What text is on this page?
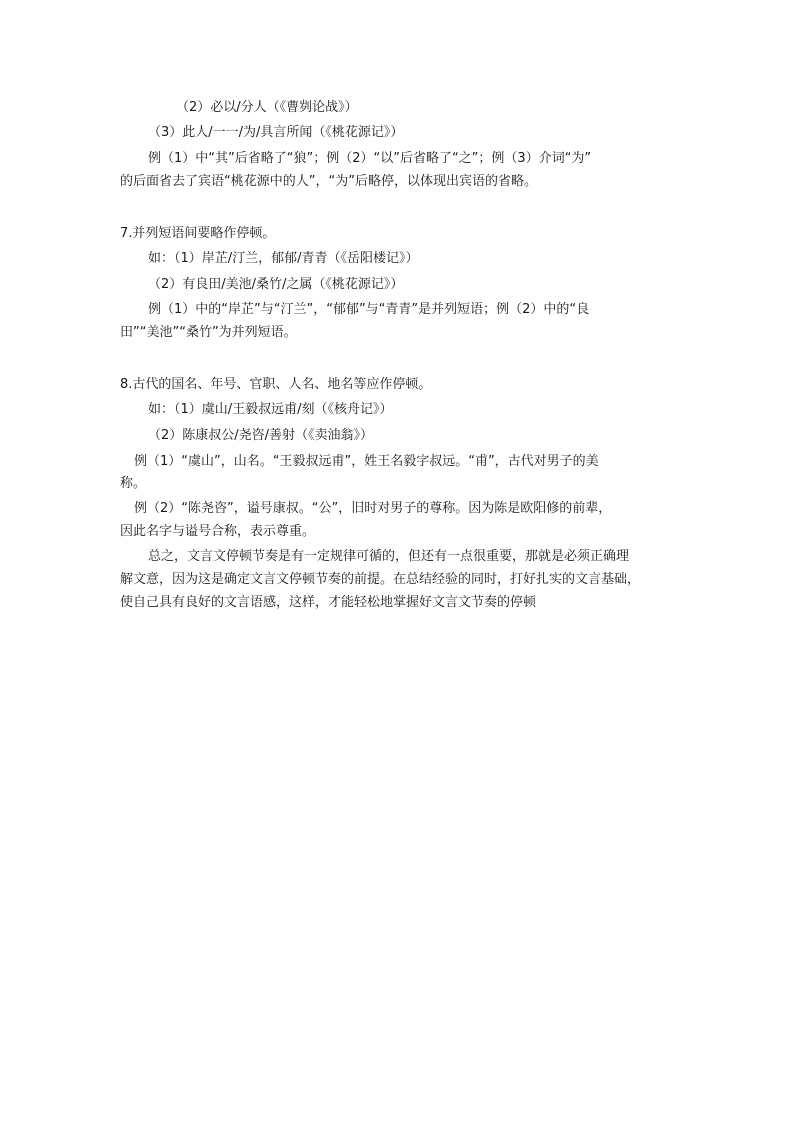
（2）必以/分人（《曹刿论战》）
（3）此人/一一/为/具言所闻（《桃花源记》）
例（1）中“其”后省略了“狼”；例（2）“以”后省略了“之”；例（3）介词“为”
的后面省去了宾语“桃花源中的人”，“为”后略停，以体现出宾语的省略。
7.并列短语间要略作停顿。
如：（1）岸芷/汀兰，郁郁/青青（《岳阳楼记》）
（2）有良田/美池/桑竹/之属（《桃花源记》）
例（1）中的“岸芷”与“汀兰”，“郁郁”与“青青”是并列短语；例（2）中的“良
田”“美池”“桑竹”为并列短语。
8.古代的国名、年号、官职、人名、地名等应作停顿。
如：（1）虞山/王毅叔远甫/刻（《核舟记》）
（2）陈康叔公/尧咨/善射（《卖油翁》）
例（1）“虞山”，山名。“王毅叔远甫”，姓王名毅字叔远。“甫”，古代对男子的美
称。
例（2）“陈尧咨”，谥号康叔。“公”，旧时对男子的尊称。因为陈是欧阳修的前辈，
因此名字与谥号合称，表示尊重。
总之，文言文停顿节奏是有一定规律可循的，但还有一点很重要，那就是必须正确理
解文意，因为这是确定文言文停顿节奏的前提。在总结经验的同时，打好扎实的文言基础，
使自己具有良好的文言语感，这样，才能轻松地掌握好文言文节奏的停顿
